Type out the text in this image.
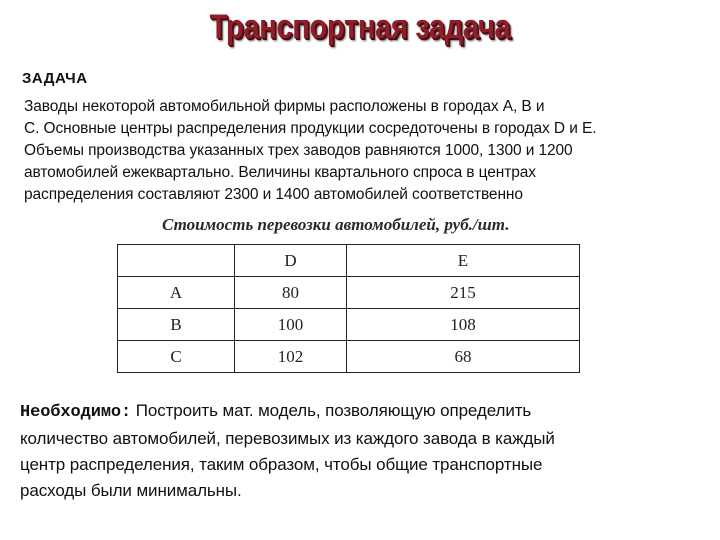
Транспортная задача
ЗАДАЧА
Заводы некоторой автомобильной фирмы расположены в городах A, B и
C. Основные центры распределения продукции сосредоточены в городах D и E.
Объемы производства указанных трех заводов равняются 1000, 1300 и 1200
автомобилей ежеквартально. Величины квартального спроса в центрах
распределения составляют 2300 и 1400 автомобилей соответственно
Стоимость перевозки автомобилей, руб./шт.
	D	E
A	80	215
B	100	108
C	102	68
Необходимо: Построить мат. модель, позволяющую определить
количество автомобилей, перевозимых из каждого завода в каждый
центр распределения, таким образом, чтобы общие транспортные
расходы были минимальны.
